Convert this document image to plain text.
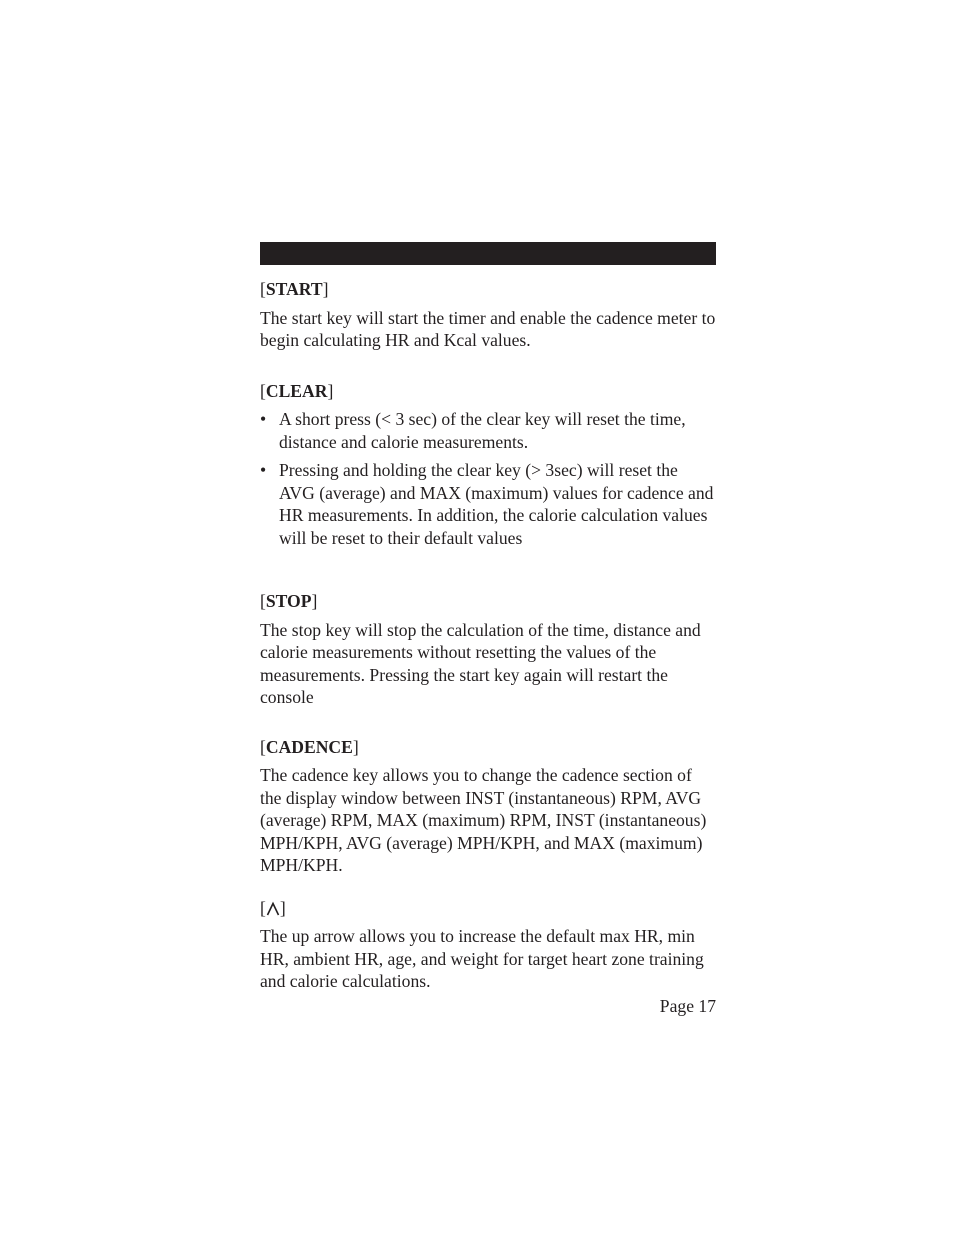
[START]

The start key will start the timer and enable the cadence meter to begin calculating HR and Kcal values.

[CLEAR]
• A short press (< 3 sec) of the clear key will reset the time, distance and calorie measurements.
• Pressing and holding the clear key (> 3sec) will reset the AVG (average) and MAX (maximum) values for cadence and HR measurements. In addition, the calorie calculation values will be reset to their default values
[STOP]

The stop key will stop the calculation of the time, distance and calorie measurements without resetting the values of the measurements. Pressing the start key again will restart the console

[CADENCE]

The cadence key allows you to change the cadence section of the display window between INST (instantaneous) RPM, AVG (average) RPM, MAX (maximum) RPM, INST (instantaneous) MPH/KPH, AVG (average) MPH/KPH, and MAX (maximum) MPH/KPH.

[ ]

The up arrow allows you to increase the default max HR, min HR, ambient HR, age, and weight for target heart zone training and calorie calculations.

Page 17
